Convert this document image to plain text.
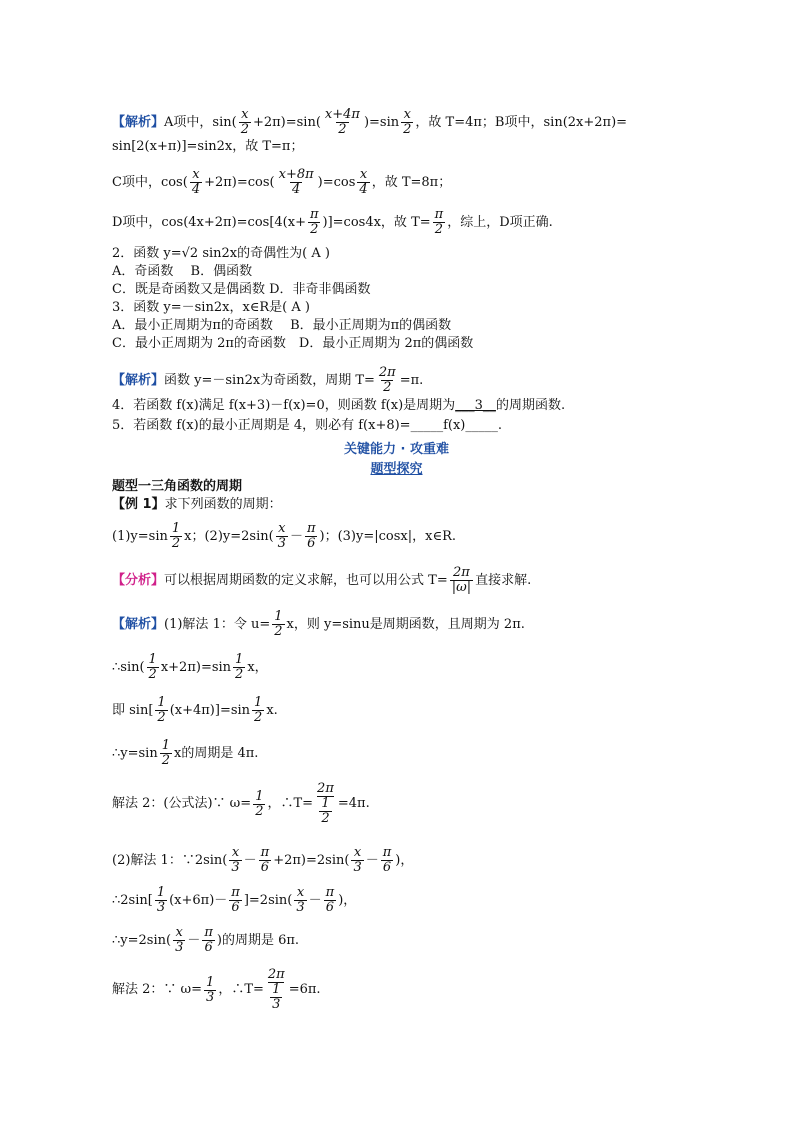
【解析】 A项中，$\sin( \frac{x}{2} +2\pi)=\sin( \frac{x+4\pi}{2} )=\sin \frac{x}{2}$ ，故 T=4π；B项中，sin(2x+2π)=
sin[2(x+π)]=sin2x，故 T=π；
C项中，$\cos( \frac{x}{4} +2\pi)=\cos( \frac{x+8\pi}{4} )=\cos \frac{x}{4}$ ，故 T=8π；
D项中，$\cos(4x+2\pi)=\cos[4(x+ \frac{\pi}{2} )]=\cos 4x$，故 $T= \frac{\pi}{2}$ ，综上，D项正确.
2．函数 y=√2 sin2x的奇偶性为( A )
A．奇函数　 B．偶函数
C．既是奇函数又是偶函数 D．非奇非偶函数
3．函数 y=－sin2x，x∈R是( A )
A．最小正周期为π的奇函数　 B．最小正周期为π的偶函数
C．最小正周期为 2π的奇函数　D．最小正周期为 2π的偶函数
【解析】 函数 y=－sin2x为奇函数，周期 $T= \frac{2\pi}{2} =\pi$.
4．若函数 f(x)满足 f(x+3)－f(x)=0，则函数 f(x)是周期为 ___3__ 的周期函数.
5．若函数 f(x)的最小正周期是 4，则必有 f(x+8)= _____ f(x) _____ .
关键能力 · 攻重难
题型探究
题型一三角函数的周期
【例 1】 求下列函数的周期：
$(1)y=\sin \frac{1}{2}$ x；$(2)y=2\sin( \frac{x}{3} - \frac{\pi}{6}$ )；(3)y=|cosx|，x∈R.
【分析】 可以根据周期函数的定义求解，也可以用公式 $T= \frac{2\pi}{|\omega|}$ 直接求解.
【解析】 (1)解法 1：令 $u= \frac{1}{2}$ x，则 y=sinu是周期函数，且周期为 2π.
∴sin( $\frac{1}{2} x+2\pi)=\sin \frac{1}{2}$ x，
即 $\sin[ \frac{1}{2} (x+4\pi)]=\sin \frac{1}{2} x$.
∴y=sin $\frac{1}{2}$ x的周期是 4π.
解法 2：(公式法)∵ $\omega= \frac{1}{2}$ ，∴T= 2π
1
2 =4π.
(2)解法 1：∵2sin( $\frac{x}{3} - \frac{\pi}{6} +2\pi)=2\sin( \frac{x}{3} - \frac{\pi}{6}$ )，
∴2sin[ $\frac{1}{3} (x+6\pi)- \frac{\pi}{6} ]=2\sin( \frac{x}{3} - \frac{\pi}{6}$ )，
∴y=2sin( $\frac{x}{3} - \frac{\pi}{6}$ )的周期是 6π.
解法 2：∵ $\omega= \frac{1}{3}$ ，∴T= 2π
1
3 =6π.
